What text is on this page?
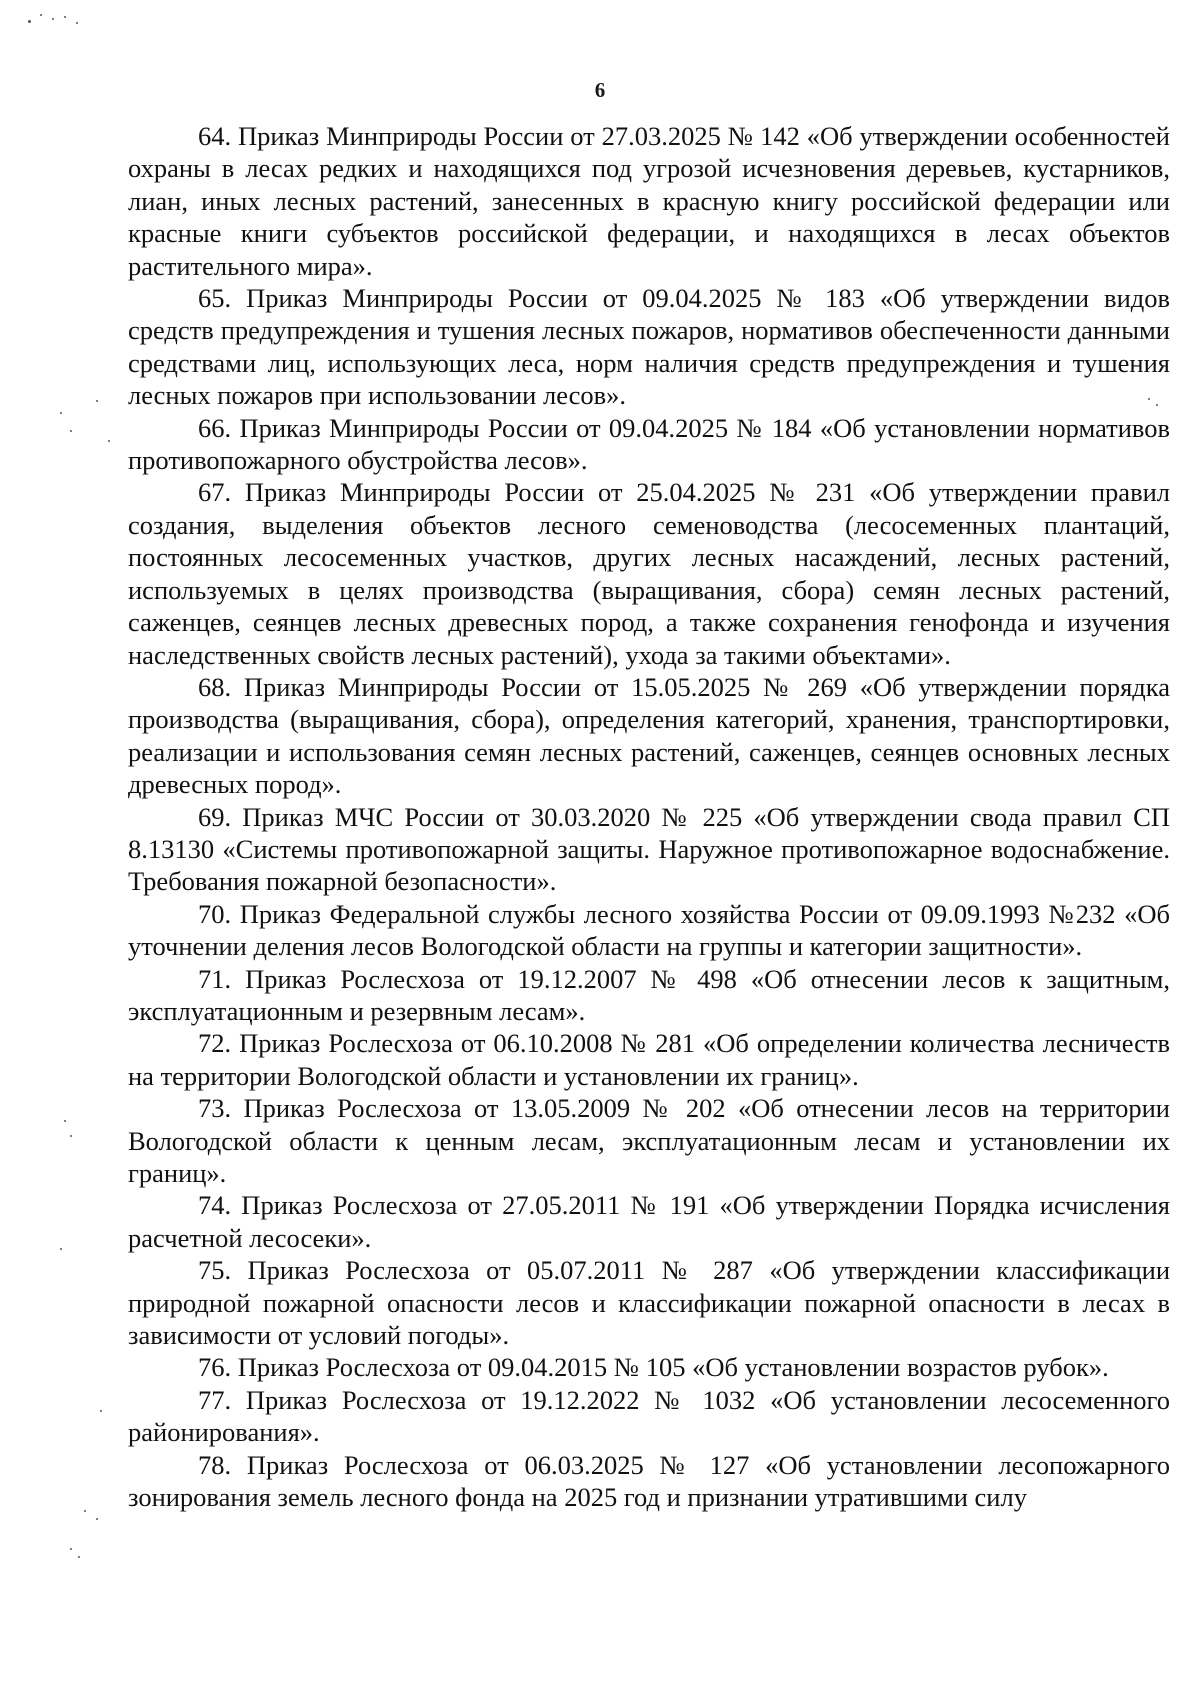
6

64. Приказ Минприроды России от 27.03.2025 № 142 «Об утверждении особенностей охраны в лесах редких и находящихся под угрозой исчезновения деревьев, кустарников, лиан, иных лесных растений, занесенных в красную книгу российской федерации или красные книги субъектов российской федерации, и находящихся в лесах объектов растительного мира».

65. Приказ Минприроды России от 09.04.2025 № 183 «Об утверждении видов средств предупреждения и тушения лесных пожаров, нормативов обеспеченности данными средствами лиц, использующих леса, норм наличия средств предупреждения и тушения лесных пожаров при использовании лесов».

66. Приказ Минприроды России от 09.04.2025 № 184 «Об установлении нормативов противопожарного обустройства лесов».

67. Приказ Минприроды России от 25.04.2025 № 231 «Об утверждении правил создания, выделения объектов лесного семеноводства (лесосеменных плантаций, постоянных лесосеменных участков, других лесных насаждений, лесных растений, используемых в целях производства (выращивания, сбора) семян лесных растений, саженцев, сеянцев лесных древесных пород, а также сохранения генофонда и изучения наследственных свойств лесных растений), ухода за такими объектами».

68. Приказ Минприроды России от 15.05.2025 № 269 «Об утверждении порядка производства (выращивания, сбора), определения категорий, хранения, транспортировки, реализации и использования семян лесных растений, саженцев, сеянцев основных лесных древесных пород».

69. Приказ МЧС России от 30.03.2020 № 225 «Об утверждении свода правил СП 8.13130 «Системы противопожарной защиты. Наружное противопожарное водоснабжение. Требования пожарной безопасности».

70. Приказ Федеральной службы лесного хозяйства России от 09.09.1993 №232 «Об уточнении деления лесов Вологодской области на группы и категории защитности».

71. Приказ Рослесхоза от 19.12.2007 № 498 «Об отнесении лесов к защитным, эксплуатационным и резервным лесам».

72. Приказ Рослесхоза от 06.10.2008 № 281 «Об определении количества лесничеств на территории Вологодской области и установлении их границ».

73. Приказ Рослесхоза от 13.05.2009 № 202 «Об отнесении лесов на территории Вологодской области к ценным лесам, эксплуатационным лесам и установлении их границ».

74. Приказ Рослесхоза от 27.05.2011 № 191 «Об утверждении Порядка исчисления расчетной лесосеки».

75. Приказ Рослесхоза от 05.07.2011 № 287 «Об утверждении классификации природной пожарной опасности лесов и классификации пожарной опасности в лесах в зависимости от условий погоды».

76. Приказ Рослесхоза от 09.04.2015 № 105 «Об установлении возрастов рубок».

77. Приказ Рослесхоза от 19.12.2022 № 1032 «Об установлении лесосеменного районирования».

78. Приказ Рослесхоза от 06.03.2025 № 127 «Об установлении лесопожарного зонирования земель лесного фонда на 2025 год и признании утратившими силу
